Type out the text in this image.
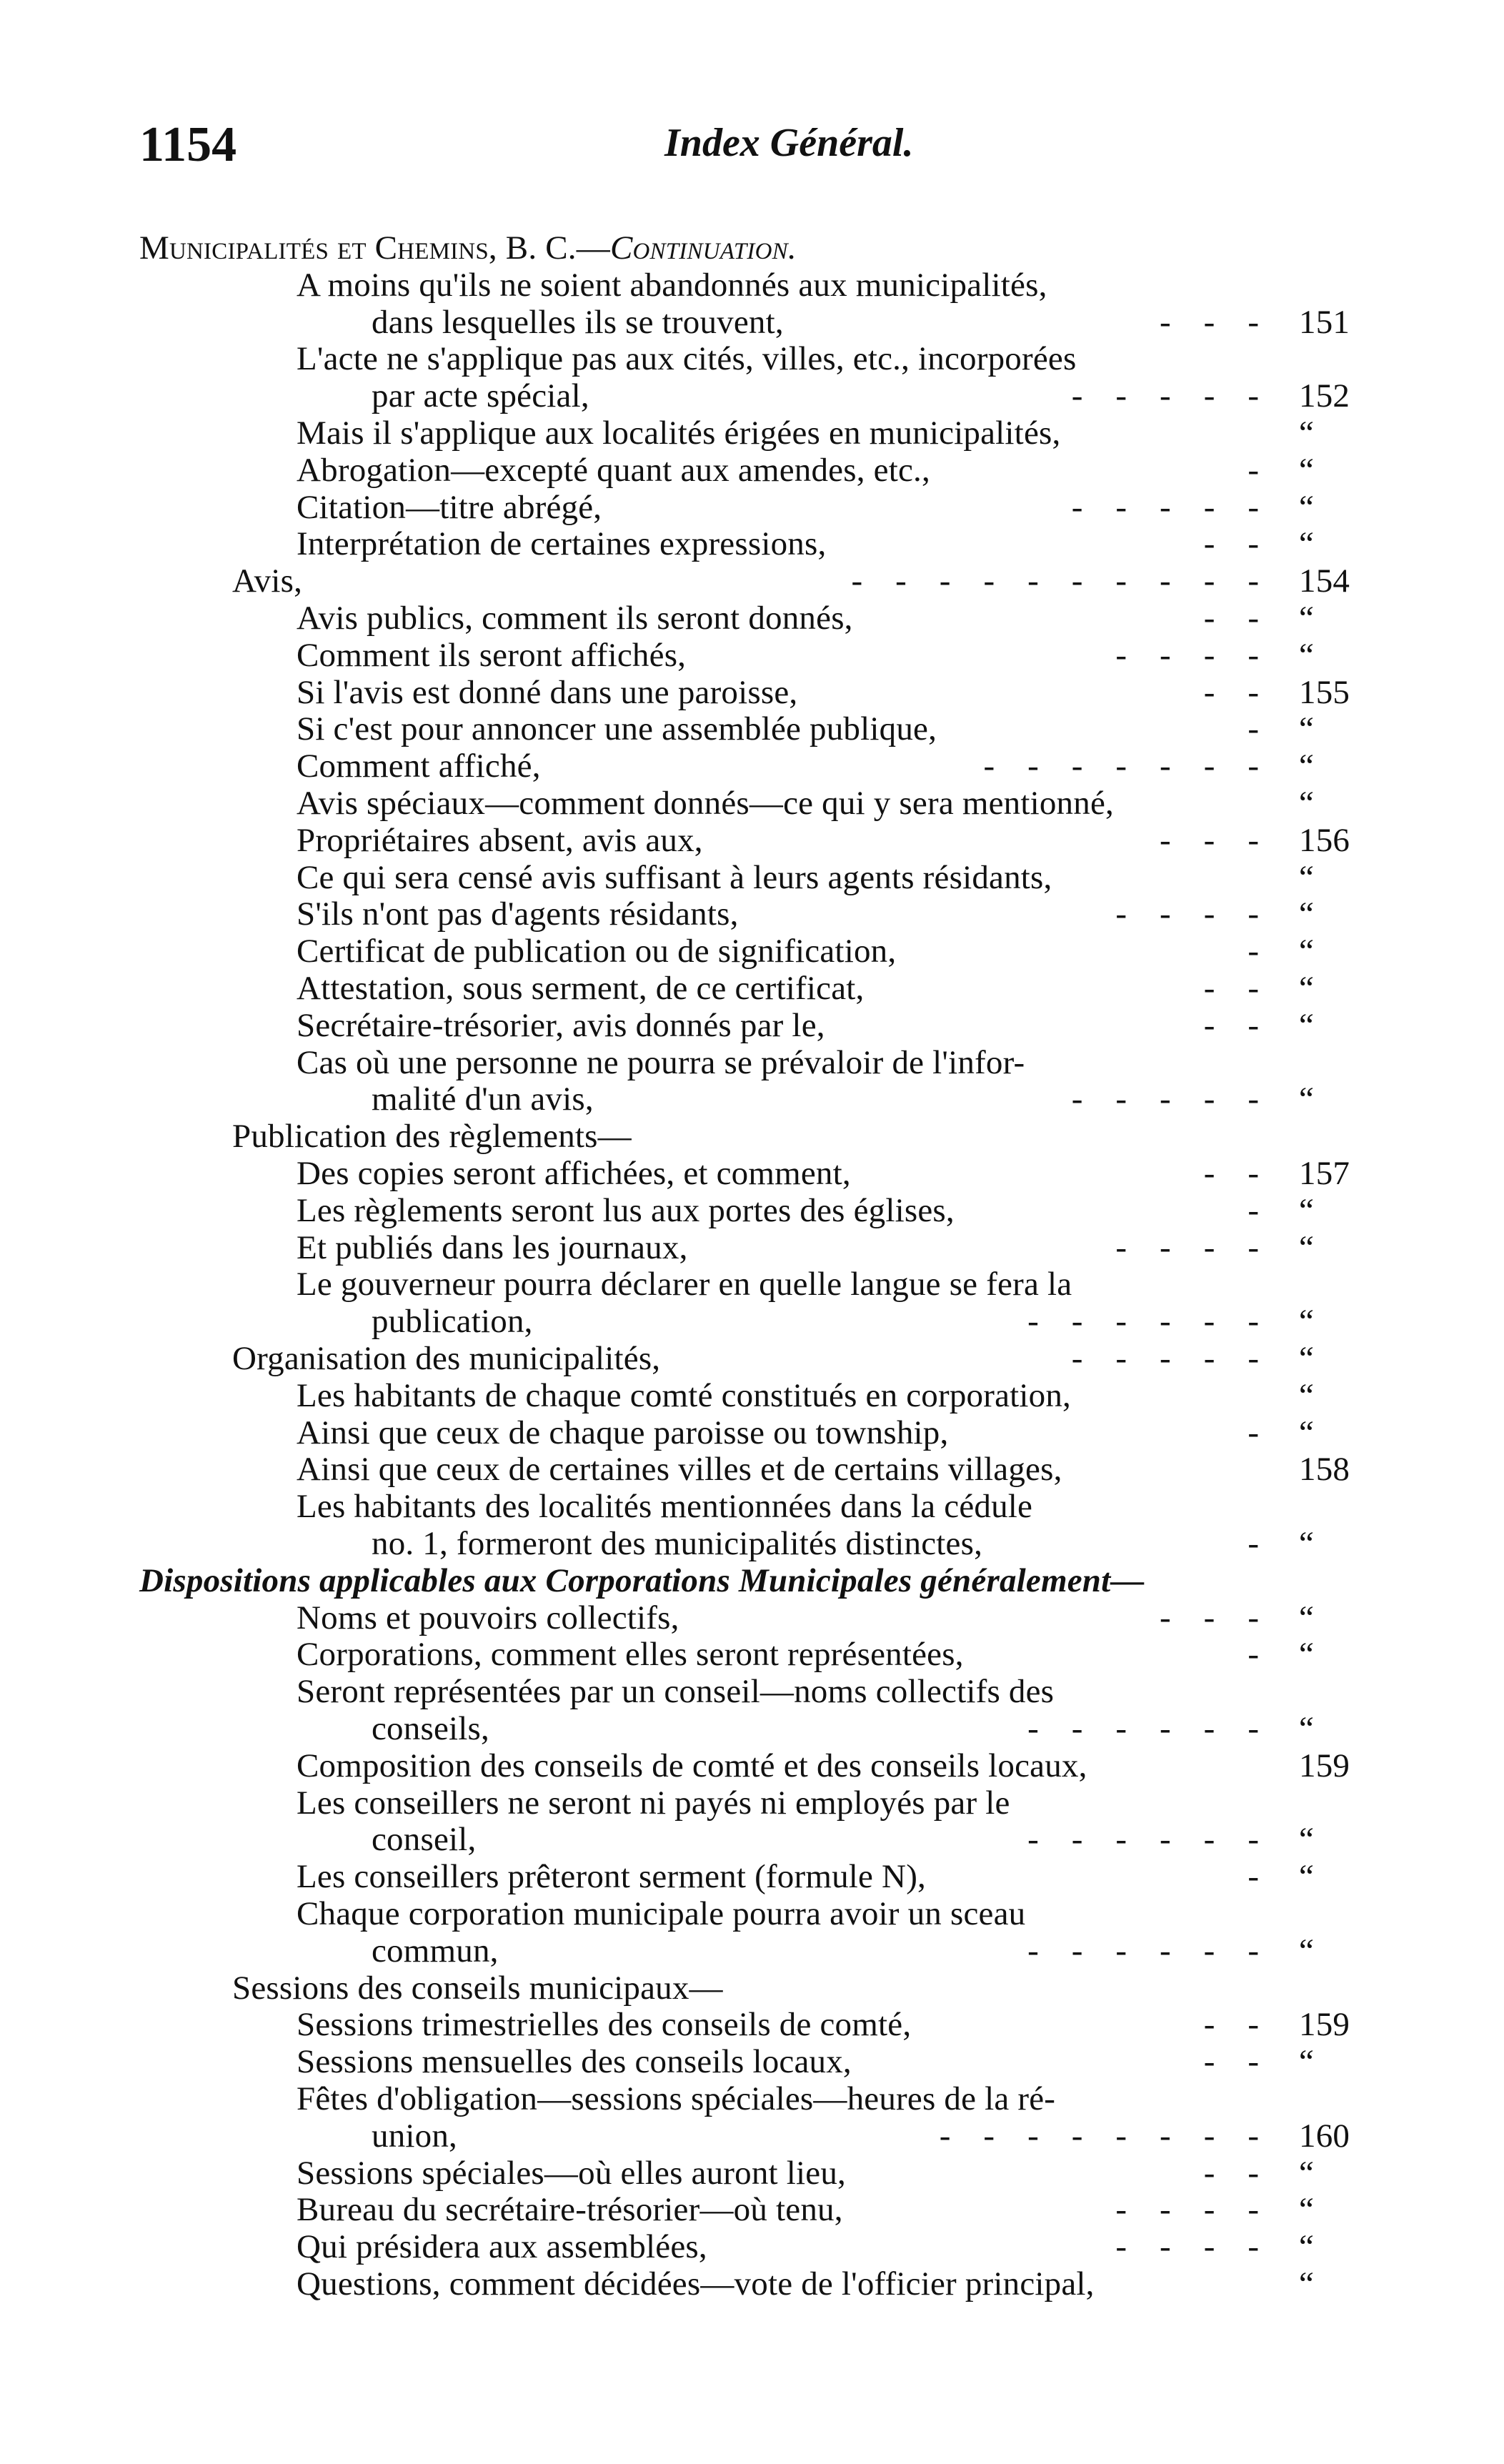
1154	Index Général.
Municipalités et Chemins, B. C.—Continuation.
A moins qu'ils ne soient abandonnés aux municipalités,
dans lesquelles ils se trouvent,	--- 151
L'acte ne s'applique pas aux cités, villes, etc., incorporées
par acte spécial,	----- 152
Mais il s'applique aux localités érigées en municipalités,	“
Abrogation—excepté quant aux amendes, etc.,	- “
Citation—titre abrégé,	----- “
Interprétation de certaines expressions,	-- “
Avis,	---------- 154
Avis publics, comment ils seront donnés,	-- “
Comment ils seront affichés,	---- “
Si l'avis est donné dans une paroisse,	-- 155
Si c'est pour annoncer une assemblée publique,	- “
Comment affiché,	------- “
Avis spéciaux—comment donnés—ce qui y sera mentionné,	“
Propriétaires absent, avis aux,	--- 156
Ce qui sera censé avis suffisant à leurs agents résidants,	“
S'ils n'ont pas d'agents résidants,	---- “
Certificat de publication ou de signification,	- “
Attestation, sous serment, de ce certificat,	-- “
Secrétaire-trésorier, avis donnés par le,	-- “
Cas où une personne ne pourra se prévaloir de l'infor-
malité d'un avis,	----- “
Publication des règlements—
Des copies seront affichées, et comment,	-- 157
Les règlements seront lus aux portes des églises,	- “
Et publiés dans les journaux,	---- “
Le gouverneur pourra déclarer en quelle langue se fera la
publication,	------ “
Organisation des municipalités,	----- “
Les habitants de chaque comté constitués en corporation,	“
Ainsi que ceux de chaque paroisse ou township,	- “
Ainsi que ceux de certaines villes et de certains villages,	158
Les habitants des localités mentionnées dans la cédule
no. 1, formeront des municipalités distinctes,	- “
Dispositions applicables aux Corporations Municipales généralement—
Noms et pouvoirs collectifs,	--- “
Corporations, comment elles seront représentées,	- “
Seront représentées par un conseil—noms collectifs des
conseils,	------ “
Composition des conseils de comté et des conseils locaux,	159
Les conseillers ne seront ni payés ni employés par le
conseil,	------ “
Les conseillers prêteront serment (formule N),	- “
Chaque corporation municipale pourra avoir un sceau
commun,	------ “
Sessions des conseils municipaux—
Sessions trimestrielles des conseils de comté,	-- 159
Sessions mensuelles des conseils locaux,	-- “
Fêtes d'obligation—sessions spéciales—heures de la ré-
union,	-------- 160
Sessions spéciales—où elles auront lieu,	-- “
Bureau du secrétaire-trésorier—où tenu,	---- “
Qui présidera aux assemblées,	---- “
Questions, comment décidées—vote de l'officier principal,	“
